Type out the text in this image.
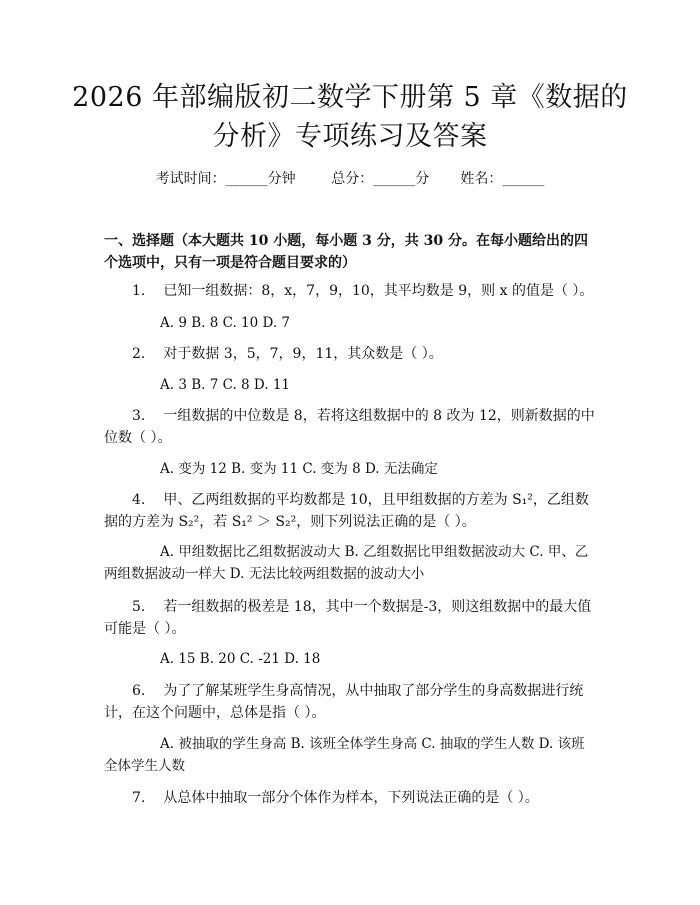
2026 年部编版初二数学下册第 5 章《数据的
分析》专项练习及答案
考试时间：______分钟	总分：______分 姓名：______
一、选择题（本大题共 10 小题，每小题 3 分，共 30 分。在每小题给出的四个选项中，只有一项是符合题目要求的）
1. 已知一组数据：8，x，7，9，10，其平均数是 9，则 x 的值是（ ）。
A. 9 B. 8 C. 10 D. 7
2. 对于数据 3，5，7，9，11，其众数是（ ）。
A. 3 B. 7 C. 8 D. 11
3. 一组数据的中位数是 8，若将这组数据中的 8 改为 12，则新数据的中位数（ ）。
A. 变为 12 B. 变为 11 C. 变为 8 D. 无法确定
4. 甲、乙两组数据的平均数都是 10，且甲组数据的方差为 S₁²，乙组数据的方差为 S₂²，若 S₁² ＞ S₂²，则下列说法正确的是（ ）。
A. 甲组数据比乙组数据波动大 B. 乙组数据比甲组数据波动大 C. 甲、乙两组数据波动一样大 D. 无法比较两组数据的波动大小
5. 若一组数据的极差是 18，其中一个数据是-3，则这组数据中的最大值可能是（ ）。
A. 15 B. 20 C. -21 D. 18
6. 为了了解某班学生身高情况，从中抽取了部分学生的身高数据进行统计，在这个问题中，总体是指（ ）。
A. 被抽取的学生身高 B. 该班全体学生身高 C. 抽取的学生人数 D. 该班全体学生人数
7. 从总体中抽取一部分个体作为样本，下列说法正确的是（ ）。
